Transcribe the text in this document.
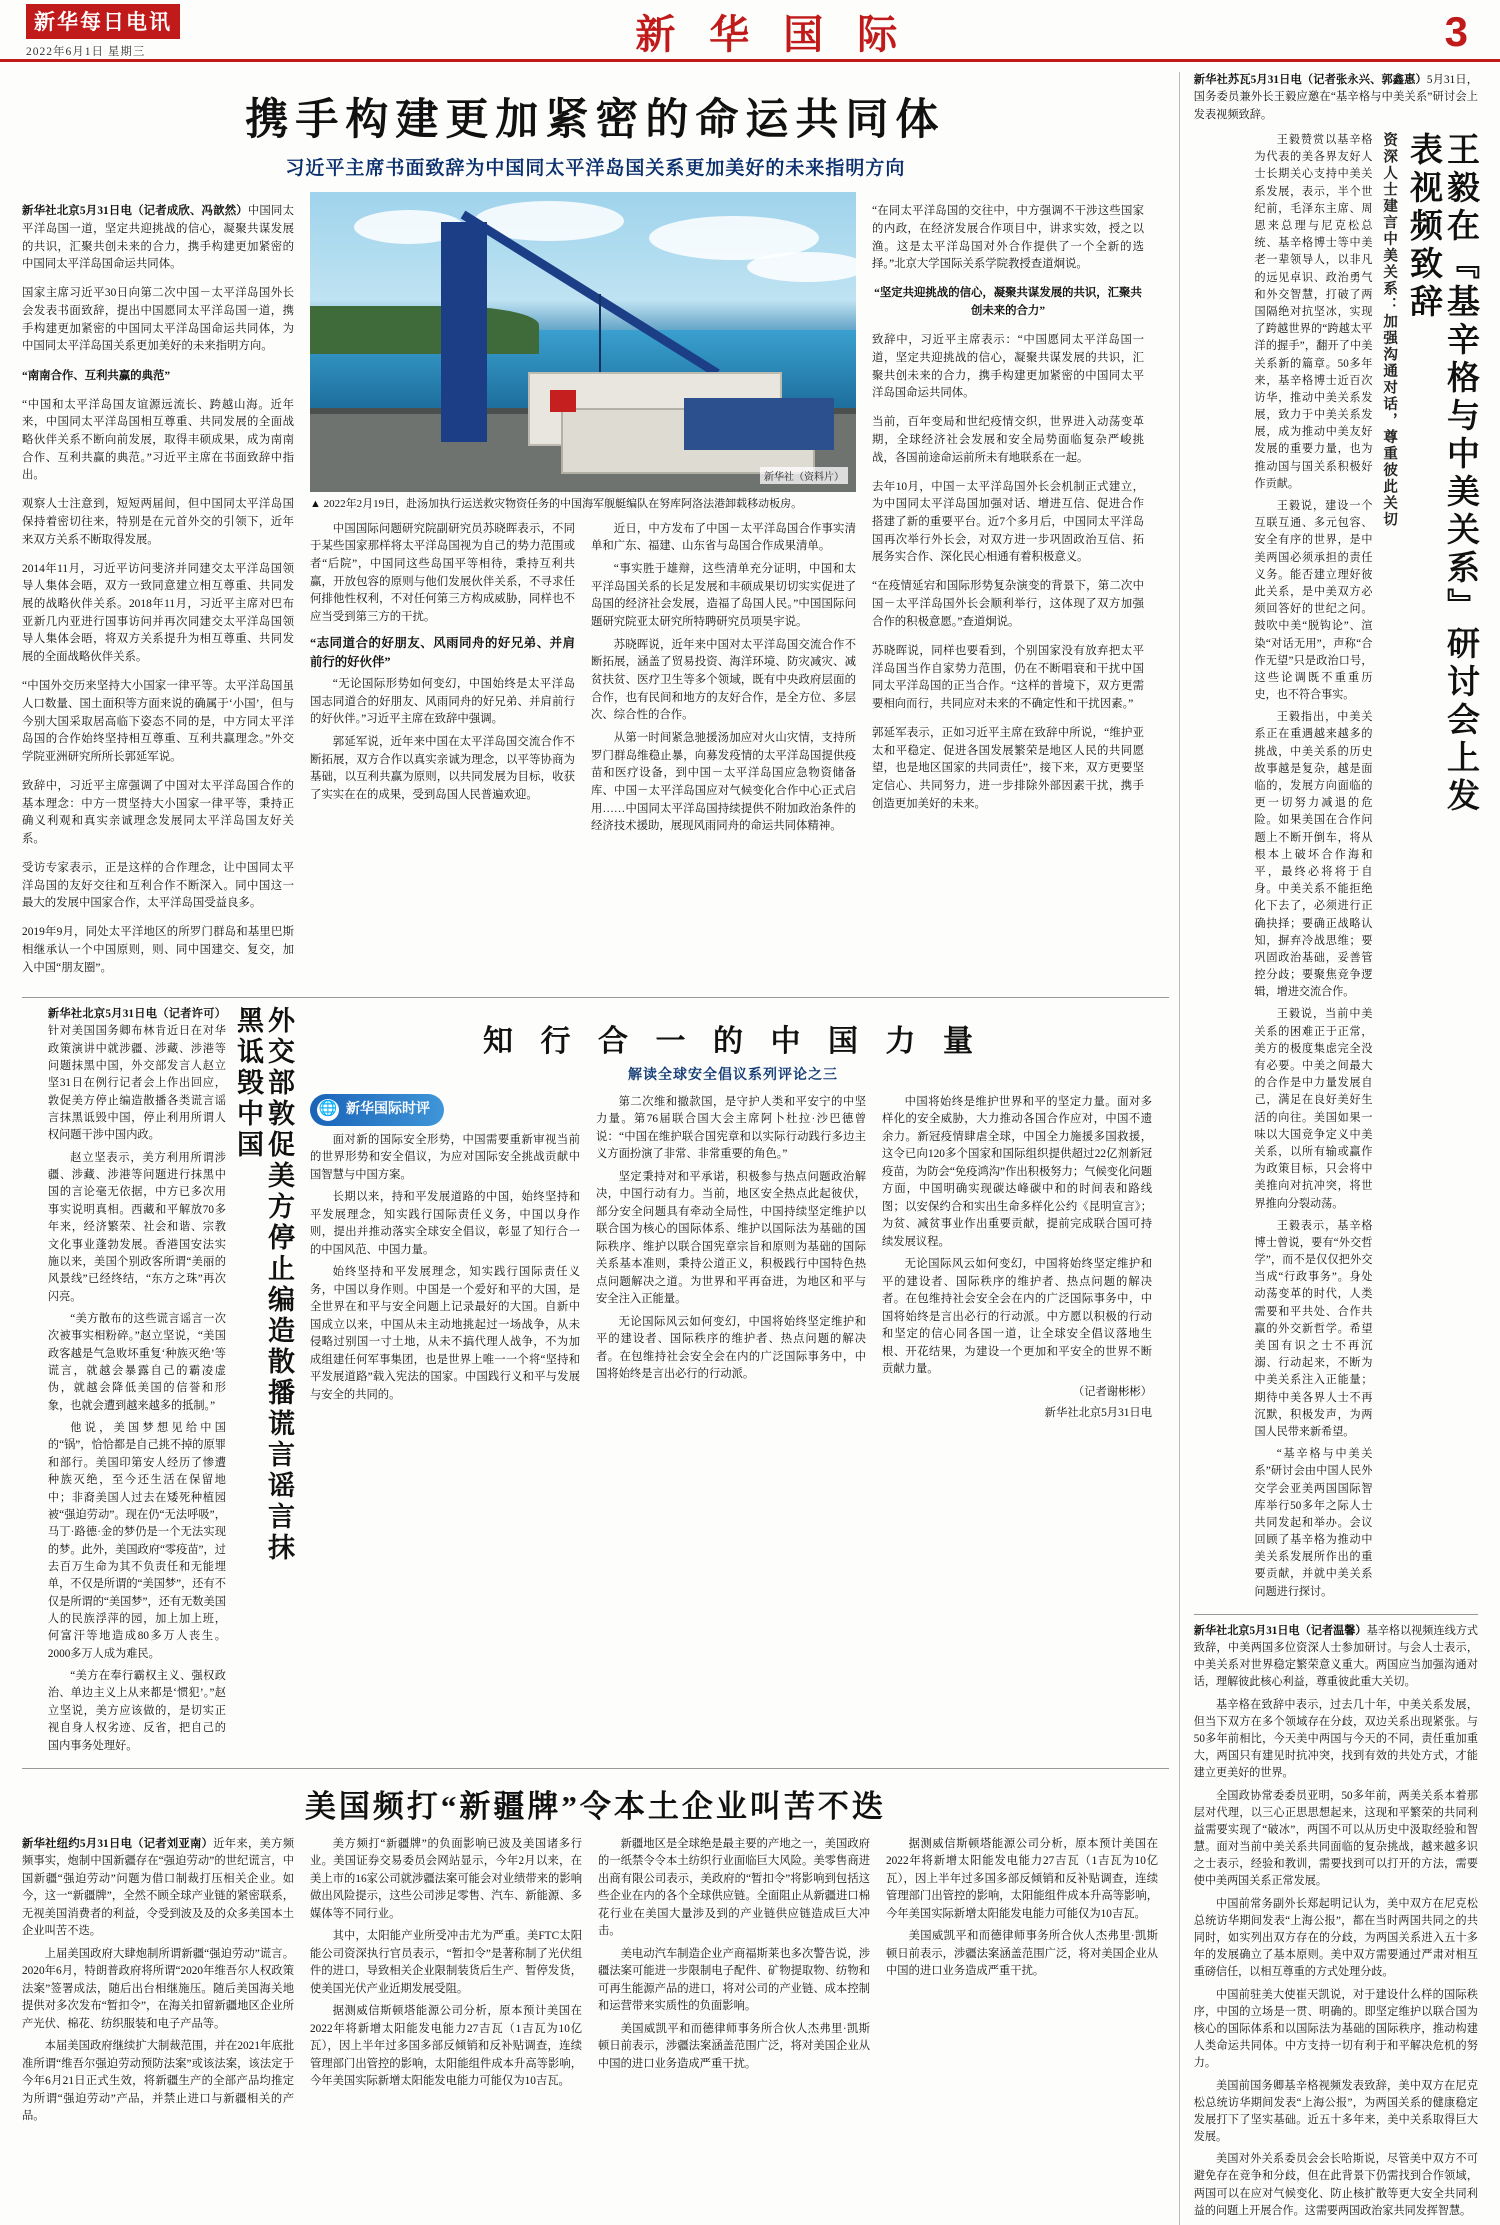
新华每日电讯
2022年6月1日 星期三	新 华 国 际	3
携手构建更加紧密的命运共同体
习近平主席书面致辞为中国同太平洋岛国关系更加美好的未来指明方向

新华社北京5月31日电（记者成欣、冯歆然）中国同太平洋岛国一道，坚定共迎挑战的信心，凝聚共谋发展的共识，汇聚共创未来的合力，携手构建更加紧密的中国同太平洋岛国命运共同体。

国家主席习近平30日向第二次中国－太平洋岛国外长会发表书面致辞，提出中国愿同太平洋岛国一道，携手构建更加紧密的中国同太平洋岛国命运共同体，为中国同太平洋岛国关系更加美好的未来指明方向。

“南南合作、互利共赢的典范”

“中国和太平洋岛国友谊源远流长、跨越山海。近年来，中国同太平洋岛国相互尊重、共同发展的全面战略伙伴关系不断向前发展，取得丰硕成果，成为南南合作、互利共赢的典范。”习近平主席在书面致辞中指出。

观察人士注意到，短短两届间，但中国同太平洋岛国保持着密切往来，特别是在元首外交的引领下，近年来双方关系不断取得发展。

2014年11月，习近平访问斐济并同建交太平洋岛国领导人集体会晤，双方一致同意建立相互尊重、共同发展的战略伙伴关系。2018年11月，习近平主席对巴布亚新几内亚进行国事访问并再次同建交太平洋岛国领导人集体会晤，将双方关系提升为相互尊重、共同发展的全面战略伙伴关系。

“中国外交历来坚持大小国家一律平等。太平洋岛国虽人口数量、国土面积等方面来说的确属于‘小国’，但与今别大国采取居高临下姿态不同的是，中方同太平洋岛国的合作始终坚持相互尊重、互利共赢理念。”外交学院亚洲研究所所长郭延军说。

致辞中，习近平主席强调了中国对太平洋岛国合作的基本理念：中方一贯坚持大小国家一律平等，秉持正确义利观和真实亲诚理念发展同太平洋岛国友好关系。

受访专家表示，正是这样的合作理念，让中国同太平洋岛国的友好交往和互利合作不断深入。同中国这一最大的发展中国家合作，太平洋岛国受益良多。

2019年9月，同处太平洋地区的所罗门群岛和基里巴斯相继承认一个中国原则，则、同中国建交、复交，加入中国“朋友圈”。

新华社（资料片）
▲ 2022年2月19日，赴汤加执行运送救灾物资任务的中国海军舰艇编队在努库阿洛法港卸载移动板房。

中国国际问题研究院副研究员苏晓晖表示，不同于某些国家那样将太平洋岛国视为自己的势力范围或者“后院”，中国同这些岛国平等相待，秉持互利共赢，开放包容的原则与他们发展伙伴关系，不寻求任何排他性权利，不对任何第三方构成威胁，同样也不应当受到第三方的干扰。

“志同道合的好朋友、风雨同舟的好兄弟、并肩前行的好伙伴”

“无论国际形势如何变幻，中国始终是太平洋岛国志同道合的好朋友、风雨同舟的好兄弟、并肩前行的好伙伴。”习近平主席在致辞中强调。

郭延军说，近年来中国在太平洋岛国交流合作不断拓展，双方合作以真实亲诚为理念，以平等协商为基础，以互利共赢为原则，以共同发展为目标，收获了实实在在的成果，受到岛国人民普遍欢迎。

近日，中方发布了中国－太平洋岛国合作事实清单和广东、福建、山东省与岛国合作成果清单。

“事实胜于雄辩，这些清单充分证明，中国和太平洋岛国关系的长足发展和丰硕成果切切实实促进了岛国的经济社会发展，造福了岛国人民。”中国国际问题研究院亚太研究所特聘研究员项昊宇说。

苏晓晖说，近年来中国对太平洋岛国交流合作不断拓展，涵盖了贸易投资、海洋环境、防灾减灾、减贫扶贫、医疗卫生等多个领域，既有中央政府层面的合作，也有民间和地方的友好合作，是全方位、多层次、综合性的合作。

从第一时间紧急驰援汤加应对火山灾情，支持所罗门群岛维稳止暴，向募发疫情的太平洋岛国提供疫苗和医疗设备，到中国－太平洋岛国应急物资储备库、中国－太平洋岛国应对气候变化合作中心正式启用……中国同太平洋岛国持续提供不附加政治条件的经济技术援助，展现风雨同舟的命运共同体精神。

“在同太平洋岛国的交往中，中方强调不干涉这些国家的内政，在经济发展合作项目中，讲求实效，授之以渔。这是太平洋岛国对外合作提供了一个全新的选择。”北京大学国际关系学院教授查道炯说。

“坚定共迎挑战的信心，凝聚共谋发展的共识，汇聚共创未来的合力”

致辞中，习近平主席表示：“中国愿同太平洋岛国一道，坚定共迎挑战的信心，凝聚共谋发展的共识，汇聚共创未来的合力，携手构建更加紧密的中国同太平洋岛国命运共同体。

当前，百年变局和世纪疫情交织，世界进入动荡变革期，全球经济社会发展和安全局势面临复杂严峻挑战，各国前途命运前所未有地联系在一起。

去年10月，中国－太平洋岛国外长会机制正式建立，为中国同太平洋岛国加强对话、增进互信、促进合作搭建了新的重要平台。近7个多月后，中国同太平洋岛国再次举行外长会，对双方进一步巩固政治互信、拓展务实合作、深化民心相通有着积极意义。

“在疫情延宕和国际形势复杂演变的背景下，第二次中国－太平洋岛国外长会顺利举行，这体现了双方加强合作的积极意愿。”查道炯说。

苏晓晖说，同样也要看到，个别国家没有放弃把太平洋岛国当作自家势力范围，仍在不断唱衰和干扰中国同太平洋岛国的正当合作。“这样的普境下，双方更需要相向而行，共同应对未来的不确定性和干扰因素。”

郭延军表示，正如习近平主席在致辞中所说，“维护亚太和平稳定、促进各国发展繁荣是地区人民的共同愿望，也是地区国家的共同责任”，接下来，双方更要坚定信心、共同努力，进一步排除外部因素干扰，携手创造更加美好的未来。

外交部敦促美方停止编造散播谎言谣言抹黑诋毁中国

新华社北京5月31日电（记者许可）针对美国国务卿布林肯近日在对华政策演讲中就涉疆、涉藏、涉港等问题抹黑中国，外交部发言人赵立坚31日在例行记者会上作出回应，敦促美方停止编造散播各类谎言谣言抹黑诋毁中国，停止利用所谓人权问题干涉中国内政。

赵立坚表示，美方利用所谓涉疆、涉藏、涉港等问题进行抹黑中国的言论毫无依据，中方已多次用事实说明真相。西藏和平解放70多年来，经济繁荣、社会和谐、宗教文化事业蓬勃发展。香港国安法实施以来，美国个别政客所谓“美丽的风景线”已经终结，“东方之珠”再次闪亮。

“美方散布的这些谎言谣言一次次被事实相粉碎。”赵立坚说，“美国政客越是气急败坏重复‘种族灭绝’等谎言，就越会暴露自己的霸凌虚伪，就越会降低美国的信誉和形象，也就会遭到越来越多的抵制。”

他说，美国梦想见给中国的“锅”，恰恰都是自己挑不掉的原罪和部行。美国印第安人经历了惨遭种族灭绝，至今还生活在保留地中；非裔美国人过去在矮死种植园被“强迫劳动”。现在仍“无法呼吸”，马丁·路德·金的梦仍是一个无法实现的梦。此外，美国政府“零疫苗”，过去百万生命为其不负责任和无能埋单，不仅是所谓的“美国梦”，还有不仅是所谓的“美国梦”，还有无数美国人的民族浮萍的园，加上加上班，何富汗等地造成80多万人丧生。2000多万人成为难民。

“美方在奉行霸权主义、强权政治、单边主义上从来都是‘惯犯’。”赵立坚说，美方应该做的，是切实正视自身人权劣迹、反省，把自己的国内事务处理好。

知 行 合 一 的 中 国 力 量
解读全球安全倡议系列评论之三
🌐 新华国际时评

面对新的国际安全形势，中国需要重新审视当前的世界形势和安全倡议，为应对国际安全挑战贡献中国智慧与中国方案。

长期以来，持和平发展道路的中国，始终坚持和平发展理念，知实践行国际责任义务，中国以身作则，提出并推动落实全球安全倡议，彰显了知行合一的中国风范、中国力量。

始终坚持和平发展理念，知实践行国际责任义务，中国以身作则。中国是一个爱好和平的大国，是全世界在和平与安全问题上记录最好的大国。自新中国成立以来，中国从未主动地挑起过一场战争，从未侵略过别国一寸土地，从未不搞代理人战争，不为加成组建任何军事集团，也是世界上唯一一个将“坚持和平发展道路”载入宪法的国家。中国践行义和平与发展与安全的共同的。

第二次维和撤款国，是守护人类和平安宁的中坚力量。第76届联合国大会主席阿卜杜拉·沙巴德曾说：“中国在维护联合国宪章和以实际行动践行多边主义方面扮演了非常、非常重要的角色。”

坚定秉持对和平承诺，积极参与热点问题政治解决，中国行动有力。当前，地区安全热点此起彼伏，部分安全问题具有牵动全局性，中国持续坚定维护以联合国为核心的国际体系、维护以国际法为基础的国际秩序、维护以联合国宪章宗旨和原则为基础的国际关系基本准则，秉持公道正义，积极践行中国特色热点问题解决之道。为世界和平再奋进，为地区和平与安全注入正能量。

无论国际风云如何变幻，中国将始终坚定维护和平的建设者、国际秩序的维护者、热点问题的解决者。在包维持社会安全会在内的广泛国际事务中，中国将始终是言出必行的行动派。

中国将始终是维护世界和平的坚定力量。面对多样化的安全威胁，大力推动各国合作应对，中国不遗余力。新冠疫情肆虐全球，中国全力施援多国救援，这令已向120多个国家和国际组织提供超过22亿剂新冠疫苗，为防会“免疫鸿沟”作出积极努力；气候变化问题方面，中国明确实现碳达峰碳中和的时间表和路线图；以安保约合和实出生命多样化公约《昆明宣言》；为贫、减贫事业作出重要贡献，提前完成联合国可持续发展议程。

无论国际风云如何变幻，中国将始终坚定维护和平的建设者、国际秩序的维护者、热点问题的解决者。在包维持社会安全会在内的广泛国际事务中，中国将始终是言出必行的行动派。中方愿以积极的行动和坚定的信心同各国一道，让全球安全倡议落地生根、开花结果，为建设一个更加和平安全的世界不断贡献力量。

（记者谢彬彬）
新华社北京5月31日电
美国频打“新疆牌”令本土企业叫苦不迭

新华社纽约5月31日电（记者刘亚南）近年来，美方频频事实，炮制中国新疆存在“强迫劳动”的世纪谎言，中国新疆“强迫劳动”问题为借口制裁打压相关企业。如今，这一“新疆牌”，全然不顾全球产业链的紧密联系，无视美国消费者的利益，令受到波及及的众多美国本土企业叫苦不迭。

上届美国政府大肆炮制所谓新疆“强迫劳动”谎言。2020年6月，特朗普政府将所谓“2020年维吾尔人权政策法案”签署成法，随后出台相继施压。随后美国海关地提供对多次发布“暂扣令”，在海关扣留新疆地区企业所产光伏、棉花、纺织服装和电子产品等。

本届美国政府继续扩大制裁范围，并在2021年底批准所谓“维吾尔强迫劳动预防法案”或该法案，该法定于今年6月21日正式生效，将新疆生产的全部产品均推定为所谓“强迫劳动”产品，并禁止进口与新疆相关的产品。

美方频打“新疆牌”的负面影响已波及美国诸多行业。美国证券交易委员会网站显示，今年2月以来，在美上市的16家公司就涉疆法案可能会对业绩带来的影响做出风险提示，这些公司涉足零售、汽车、新能源、多媒体等不同行业。

其中，太阳能产业所受冲击尤为严重。美FTC太阳能公司资深执行官员表示，“暂扣令”是著称制了光伏组件的进口，导致相关企业限制装货后生产、暂停发货，使美国光伏产业近期发展受阻。

据测威信斯顿塔能源公司分析，原本预计美国在2022年将新增太阳能发电能力27吉瓦（1吉瓦为10亿瓦），因上半年过多国多部反倾销和反补贴调查，连续管理部门出管控的影响，太阳能组件成本升高等影响，今年美国实际新增太阳能发电能力可能仅为10吉瓦。

新疆地区是全球绝是最主要的产地之一，美国政府的一纸禁令令本土纺织行业面临巨大风险。美零售商进出商有限公司表示，美政府的“暂扣令”将影响到包括这些企业在内的各个全球供应链。全面阻止从新疆进口棉花行业在美国大量涉及到的产业链供应链造成巨大冲击。

美电动汽车制造企业产商福斯莱也多次警告说，涉疆法案可能进一步限制电子配件、矿物提取物、纺物和可再生能源产品的进口，将对公司的产业链、成本控制和运营带来实质性的负面影响。

美国威凯平和而德律师事务所合伙人杰弗里·凯斯顿日前表示，涉疆法案涵盖范围广泛，将对美国企业从中国的进口业务造成严重干扰。

据测威信斯顿塔能源公司分析，原本预计美国在2022年将新增太阳能发电能力27吉瓦（1吉瓦为10亿瓦），因上半年过多国多部反倾销和反补贴调查，连续管理部门出管控的影响，太阳能组件成本升高等影响，今年美国实际新增太阳能发电能力可能仅为10吉瓦。

美国威凯平和而德律师事务所合伙人杰弗里·凯斯顿日前表示，涉疆法案涵盖范围广泛，将对美国企业从中国的进口业务造成严重干扰。

新华社苏瓦5月31日电（记者张永兴、郭鑫惠）5月31日，国务委员兼外长王毅应邀在“基辛格与中美关系”研讨会上发表视频致辞。

王毅在『基辛格与中美关系』研讨会上发表视频致辞
资深人士建言中美关系：加强沟通对话，尊重彼此关切

王毅赞赏以基辛格为代表的美各界友好人士长期关心支持中美关系发展，表示，半个世纪前，毛泽东主席、周恩来总理与尼克松总统、基辛格博士等中美老一辈领导人，以非凡的远见卓识、政治勇气和外交智慧，打破了两国隔绝对抗坚冰，实现了跨越世界的“跨越太平洋的握手”，翻开了中美关系新的篇章。50多年来，基辛格博士近百次访华，推动中美关系发展，致力于中美关系发展，成为推动中美友好发展的重要力量，也为推动国与国关系积极好作贡献。

王毅说，建设一个互联互通、多元包容、安全有序的世界，是中美两国必须承担的责任义务。能否建立理好彼此关系，是中美双方必须回答好的世纪之问。鼓吹中美“脱钩论”、渲染“对话无用”，声称“合作无望”只是政治口号，这些论调既不重重历史，也不符合事实。

王毅指出，中美关系正在重遇越来越多的挑战，中美关系的历史故事越是复杂，越是面临的，发展方向面临的更一切努力减退的危险。如果美国在合作问题上不断开倒车，将从根本上破坏合作海和平，最终必将将于自身。中美关系不能拒绝化下去了，必须进行正确抉择；要确正战略认知，摒弃冷战思维；要巩固政治基础，妥善管控分歧；要聚焦竞争逻辑，增进交流合作。

王毅说，当前中美关系的困难正于正常，美方的极度集虑完全没有必要。中美之间最大的合作是中力量发展自己，满足在良好美好生活的向往。美国如果一味以大国竞争定义中美关系，以所有输或赢作为政策目标，只会将中美推向对抗冲突，将世界推向分裂动荡。

王毅表示，基辛格博士曾说，要有“外交哲学”，而不是仅仅把外交当成“行政事务”。身处动荡变革的时代，人类需要和平共处、合作共赢的外交新哲学。希望美国有识之士不再沉溺、行动起来，不断为中美关系注入正能量；期待中美各界人士不再沉默，积极发声，为两国人民带来新希望。

“基辛格与中美关系”研讨会由中国人民外交学会亚美两国国际智库举行50多年之际人士共同发起和举办。会议回顾了基辛格为推动中美关系发展所作出的重要贡献，并就中美关系问题进行探讨。

新华社北京5月31日电（记者温馨）基辛格以视频连线方式致辞，中美两国多位资深人士参加研讨。与会人士表示，中美关系对世界稳定繁荣意义重大。两国应当加强沟通对话，理解彼此核心利益，尊重彼此重大关切。

基辛格在致辞中表示，过去几十年，中美关系发展，但当下双方在多个领域存在分歧，双边关系出现紧张。与50多年前相比，今天美中两国与今天的不同，责任重加重大，两国只有建见时抗冲突，找到有效的共处方式，才能建立更美好的世界。

全国政协常委委员亚明，50多年前，两美关系本着那层对代理，以三心正思思想起来，这现和平繁荣的共同利益需要实现了“破冰”，两国不可以从历史中汲取经验和智慧。面对当前中美关系共同面临的复杂挑战，越来越多识之士表示，经验和教训，需要找到可以打开的方法，需要使中美两国关系正常发展。

中国前常务副外长郑起明记认为，美中双方在尼克松总统访华期间发表“上海公报”，都在当时两国共同之的共同时，如实列出双方存在的分歧，为两国关系进入五十多年的发展确立了基本原则。美中双方需要通过严肃对相互重磅信任，以相互尊重的方式处理分歧。

中国前驻美大使崔天凯说，对于建设什么样的国际秩序，中国的立场是一贯、明确的。即坚定维护以联合国为核心的国际体系和以国际法为基础的国际秩序，推动构建人类命运共同体。中方支持一切有利于和平解决危机的努力。

美国前国务卿基辛格视频发表致辞，美中双方在尼克松总统访华期间发表“上海公报”，为两国关系的健康稳定发展打下了坚实基础。近五十多年来，美中关系取得巨大发展。

美国对外关系委员会会长哈斯说，尽管美中双方不可避免存在竞争和分歧，但在此背景下仍需找到合作领域，两国可以在应对气候变化、防止核扩散等更大安全共同利益的问题上开展合作。这需要两国政治家共同发挥智慧。
